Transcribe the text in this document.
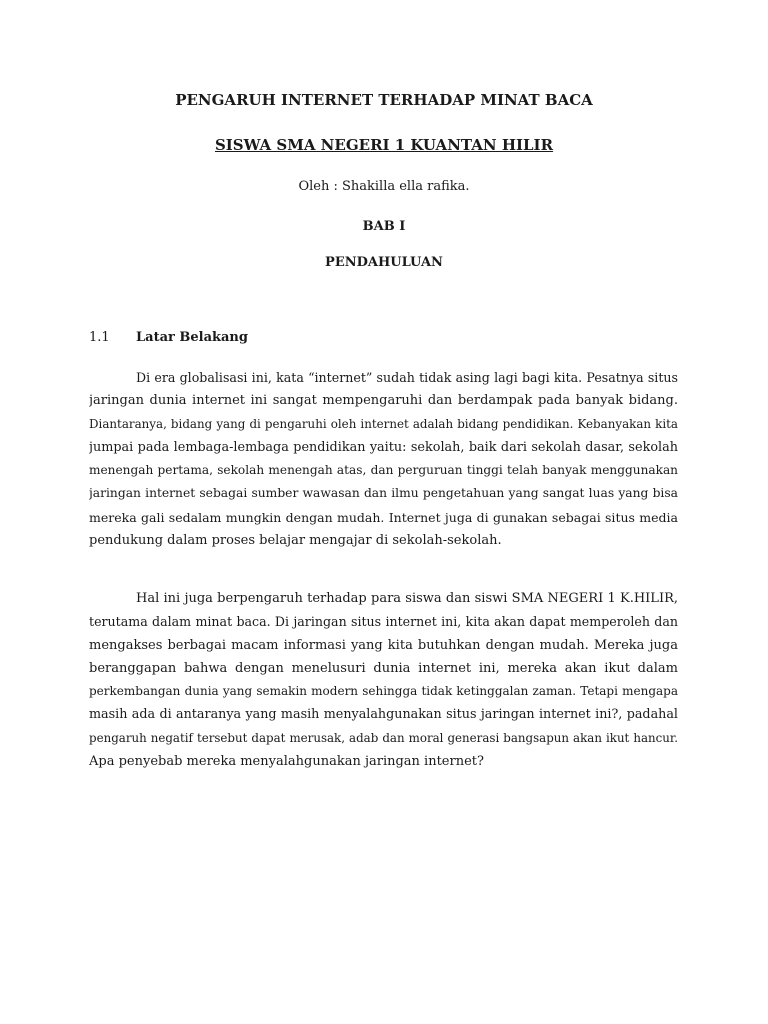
PENGARUH INTERNET TERHADAP MINAT BACA
SISWA SMA NEGERI 1 KUANTAN HILIR
Oleh : Shakilla ella rafika.
BAB I
PENDAHULUAN
1.1 Latar Belakang
Di era globalisasi ini, kata “internet” sudah tidak asing lagi bagi kita. Pesatnya situs
jaringan dunia internet ini sangat mempengaruhi dan berdampak pada banyak bidang.
Diantaranya, bidang yang di pengaruhi oleh internet adalah bidang pendidikan. Kebanyakan kita
jumpai pada lembaga-lembaga pendidikan yaitu: sekolah, baik dari sekolah dasar, sekolah
menengah pertama, sekolah menengah atas, dan perguruan tinggi telah banyak menggunakan
jaringan internet sebagai sumber wawasan dan ilmu pengetahuan yang sangat luas yang bisa
mereka gali sedalam mungkin dengan mudah. Internet juga di gunakan sebagai situs media
pendukung dalam proses belajar mengajar di sekolah-sekolah.
Hal ini juga berpengaruh terhadap para siswa dan siswi SMA NEGERI 1 K.HILIR,
terutama dalam minat baca. Di jaringan situs internet ini, kita akan dapat memperoleh dan
mengakses berbagai macam informasi yang kita butuhkan dengan mudah. Mereka juga
beranggapan bahwa dengan menelusuri dunia internet ini, mereka akan ikut dalam
perkembangan dunia yang semakin modern sehingga tidak ketinggalan zaman. Tetapi mengapa
masih ada di antaranya yang masih menyalahgunakan situs jaringan internet ini?, padahal
pengaruh negatif tersebut dapat merusak, adab dan moral generasi bangsapun akan ikut hancur.
Apa penyebab mereka menyalahgunakan jaringan internet?
